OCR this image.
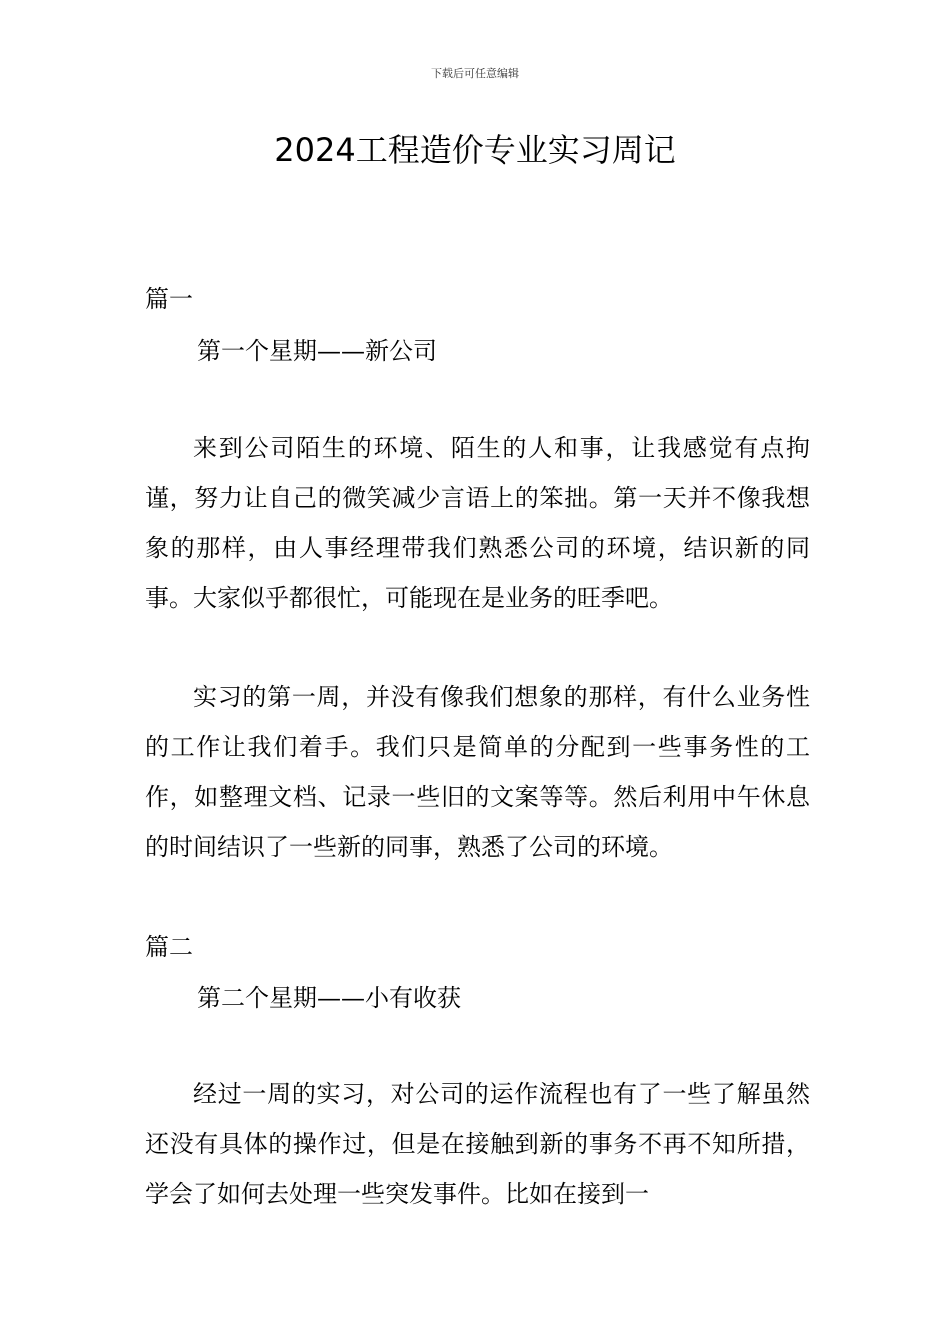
下载后可任意编辑
2024工程造价专业实习周记
篇一
第一个星期——新公司

来到公司陌生的环境、陌生的人和事，让我感觉有点拘谨，努力让自己的微笑减少言语上的笨拙。第一天并不像我想象的那样，由人事经理带我们熟悉公司的环境，结识新的同事。大家似乎都很忙，可能现在是业务的旺季吧。

实习的第一周，并没有像我们想象的那样，有什么业务性的工作让我们着手。我们只是简单的分配到一些事务性的工作，如整理文档、记录一些旧的文案等等。然后利用中午休息的时间结识了一些新的同事，熟悉了公司的环境。

篇二
第二个星期——小有收获

经过一周的实习，对公司的运作流程也有了一些了解虽然还没有具体的操作过，但是在接触到新的事务不再不知所措，学会了如何去处理一些突发事件。比如在接到一
